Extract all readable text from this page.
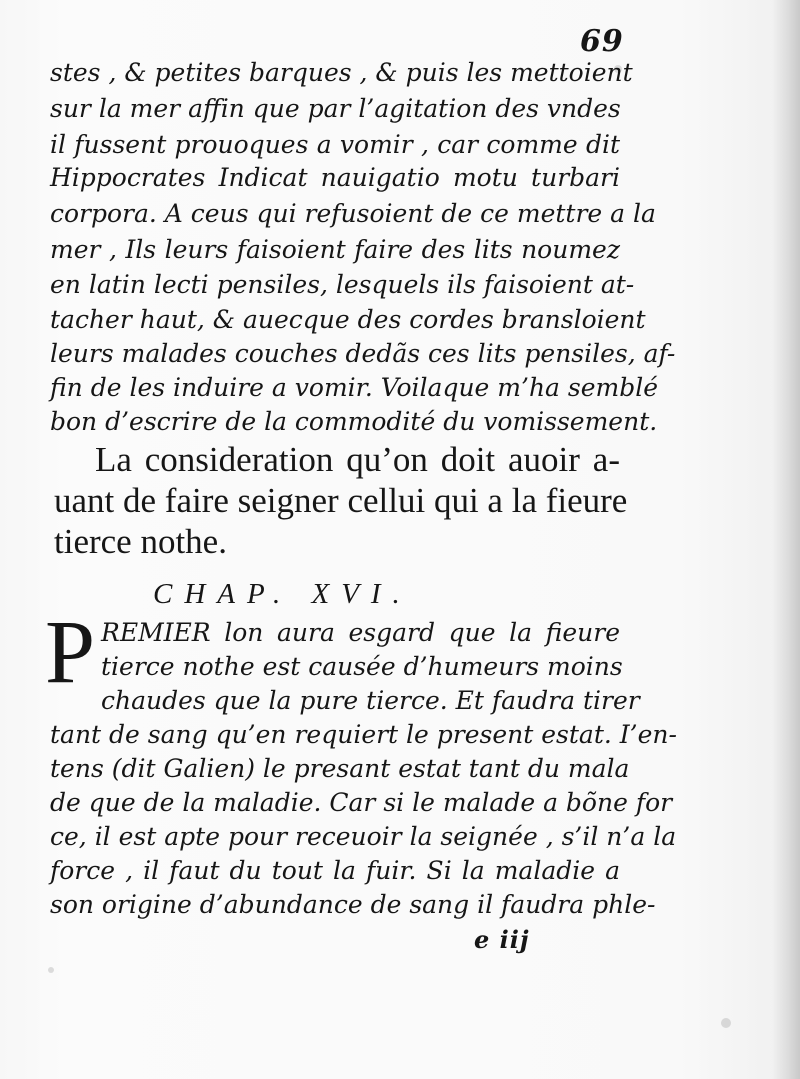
69
stes , & petites barques , & puis les mettoient
sur la mer affin que par l’agitation des vndes
il fussent prouoques a vomir , car comme dit
Hippocrates Indicat nauigatio motu turbari
corpora. A ceus qui refusoient de ce mettre a la
mer , Ils leurs faisoient faire des lits noumez
en latin lecti pensiles, lesquels ils faisoient at-
tacher haut, & auecque des cordes bransloient
leurs malades couches dedãs ces lits pensiles, af-
fin de les induire a vomir. Voilaque m’ha semblé
bon d’escrire de la commodité du vomissement.
La consideration qu’on doit auoir a-
uant de faire seigner cellui qui a la fieure
tierce nothe.
CHAP. XVI.
P REMIER lon aura esgard que la fieure
tierce nothe est causée d’humeurs moins
chaudes que la pure tierce. Et faudra tirer
tant de sang qu’en requiert le present estat. I’en-
tens (dit Galien) le presant estat tant du mala
de que de la maladie. Car si le malade a bõne for
ce, il est apte pour receuoir la seignée , s’il n’a la
force , il faut du tout la fuir. Si la maladie a
son origine d’abundance de sang il faudra phle-
e iij
